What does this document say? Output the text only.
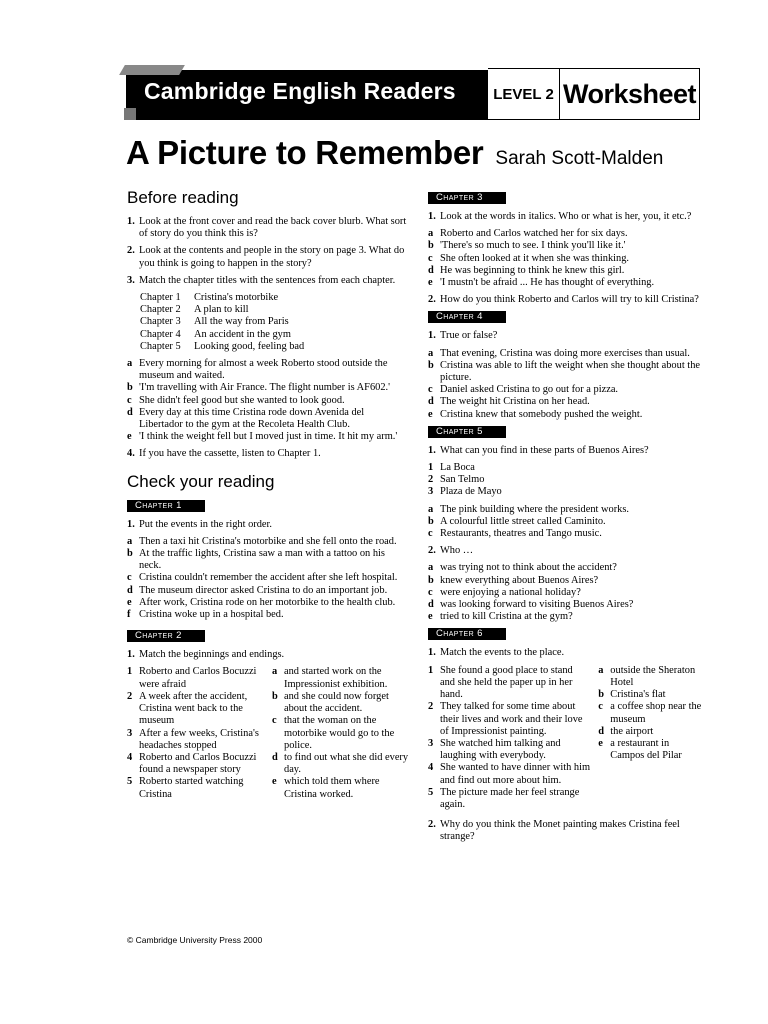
Cambridge English Readers	LEVEL 2 Worksheet
A Picture to Remember Sarah Scott-Malden
Before reading
1. Look at the front cover and read the back cover blurb. What sort of story do you think this is?
2. Look at the contents and people in the story on page 3. What do you think is going to happen in the story?
3. Match the chapter titles with the sentences from each chapter.
Chapter 1	Cristina's motorbike
Chapter 2	A plan to kill
Chapter 3	All the way from Paris
Chapter 4	An accident in the gym
Chapter 5	Looking good, feeling bad
a Every morning for almost a week Roberto stood outside the museum and waited.
b 'I'm travelling with Air France. The flight number is AF602.'
c She didn't feel good but she wanted to look good.
d Every day at this time Cristina rode down Avenida del Libertador to the gym at the Recoleta Health Club.
e 'I think the weight fell but I moved just in time. It hit my arm.'
4. If you have the cassette, listen to Chapter 1.
Check your reading
Chapter 1
1. Put the events in the right order.
a Then a taxi hit Cristina's motorbike and she fell onto the road.
b At the traffic lights, Cristina saw a man with a tattoo on his neck.
c Cristina couldn't remember the accident after she left hospital.
d The museum director asked Cristina to do an important job.
e After work, Cristina rode on her motorbike to the health club.
f Cristina woke up in a hospital bed.
Chapter 2
1. Match the beginnings and endings.
1 Roberto and Carlos Bocuzzi were afraid
2 A week after the accident, Cristina went back to the museum
3 After a few weeks, Cristina's headaches stopped
4 Roberto and Carlos Bocuzzi found a newspaper story
5 Roberto started watching Cristina
a and started work on the Impressionist exhibition.
b and she could now forget about the accident.
c that the woman on the motorbike would go to the police.
d to find out what she did every day.
e which told them where Cristina worked.
Chapter 3
1. Look at the words in italics. Who or what is her, you, it etc.?
a Roberto and Carlos watched her for six days.
b 'There's so much to see. I think you'll like it.'
c She often looked at it when she was thinking.
d He was beginning to think he knew this girl.
e 'I mustn't be afraid ... He has thought of everything.
2. How do you think Roberto and Carlos will try to kill Cristina?
Chapter 4
1. True or false?
a That evening, Cristina was doing more exercises than usual.
b Cristina was able to lift the weight when she thought about the picture.
c Daniel asked Cristina to go out for a pizza.
d The weight hit Cristina on her head.
e Cristina knew that somebody pushed the weight.
Chapter 5
1. What can you find in these parts of Buenos Aires?
1 La Boca
2 San Telmo
3 Plaza de Mayo
a The pink building where the president works.
b A colourful little street called Caminito.
c Restaurants, theatres and Tango music.
2. Who …
a was trying not to think about the accident?
b knew everything about Buenos Aires?
c were enjoying a national holiday?
d was looking forward to visiting Buenos Aires?
e tried to kill Cristina at the gym?
Chapter 6
1. Match the events to the place.
1 She found a good place to stand and she held the paper up in her hand.
2 They talked for some time about their lives and work and their love of Impressionist painting.
3 She watched him talking and laughing with everybody.
4 She wanted to have dinner with him and find out more about him.
5 The picture made her feel strange again.
a outside the Sheraton Hotel
b Cristina's flat
c a coffee shop near the museum
d the airport
e a restaurant in Campos del Pilar
2. Why do you think the Monet painting makes Cristina feel strange?
© Cambridge University Press 2000
